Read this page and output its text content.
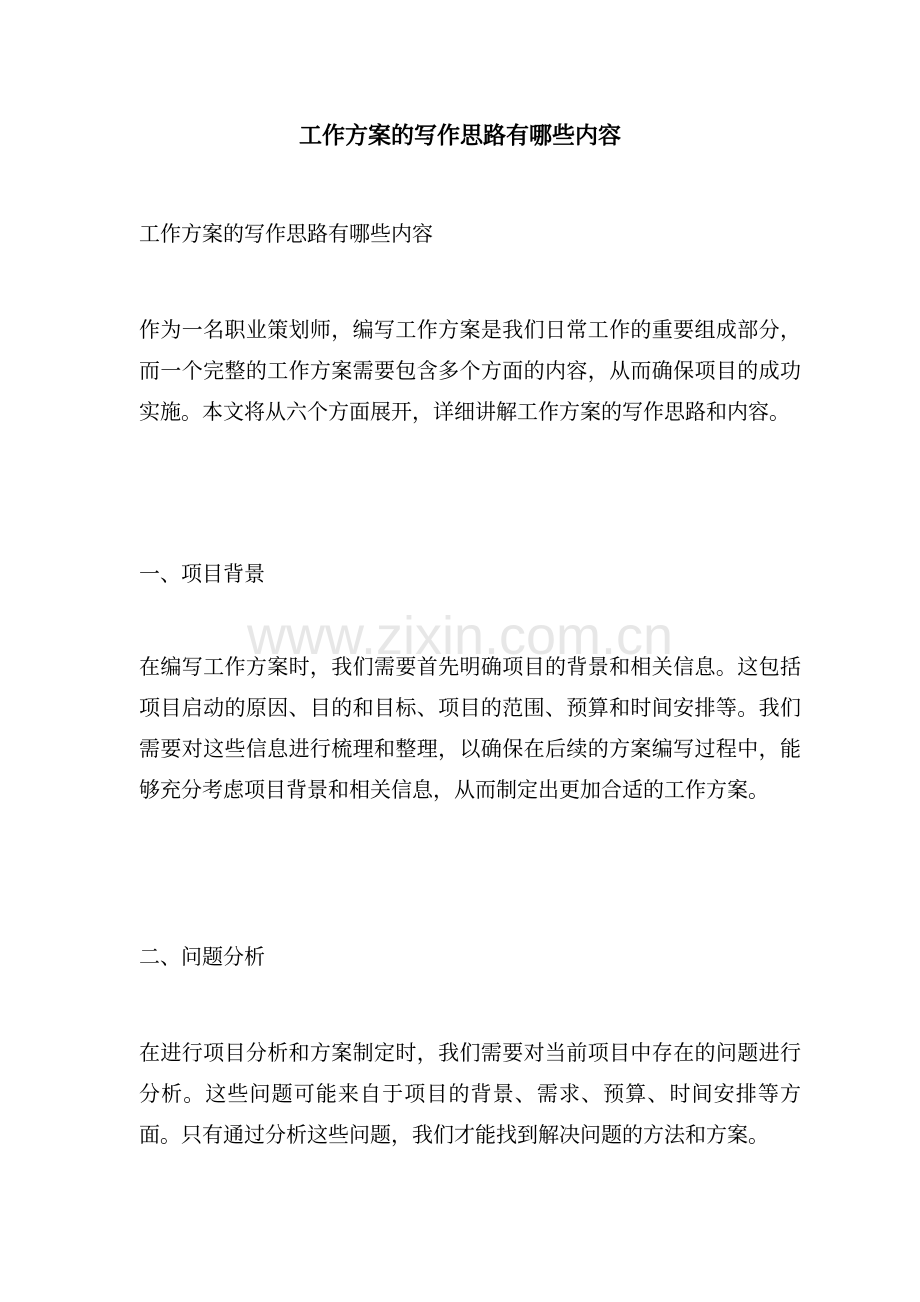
工作方案的写作思路有哪些内容

工作方案的写作思路有哪些内容

作为一名职业策划师，编写工作方案是我们日常工作的重要组成部分，而一个完整的工作方案需要包含多个方面的内容，从而确保项目的成功实施。本文将从六个方面展开，详细讲解工作方案的写作思路和内容。

一、项目背景

www.zixin.com.cn

在编写工作方案时，我们需要首先明确项目的背景和相关信息。这包括项目启动的原因、目的和目标、项目的范围、预算和时间安排等。我们需要对这些信息进行梳理和整理，以确保在后续的方案编写过程中，能够充分考虑项目背景和相关信息，从而制定出更加合适的工作方案。

二、问题分析

在进行项目分析和方案制定时，我们需要对当前项目中存在的问题进行分析。这些问题可能来自于项目的背景、需求、预算、时间安排等方面。只有通过分析这些问题，我们才能找到解决问题的方法和方案。
